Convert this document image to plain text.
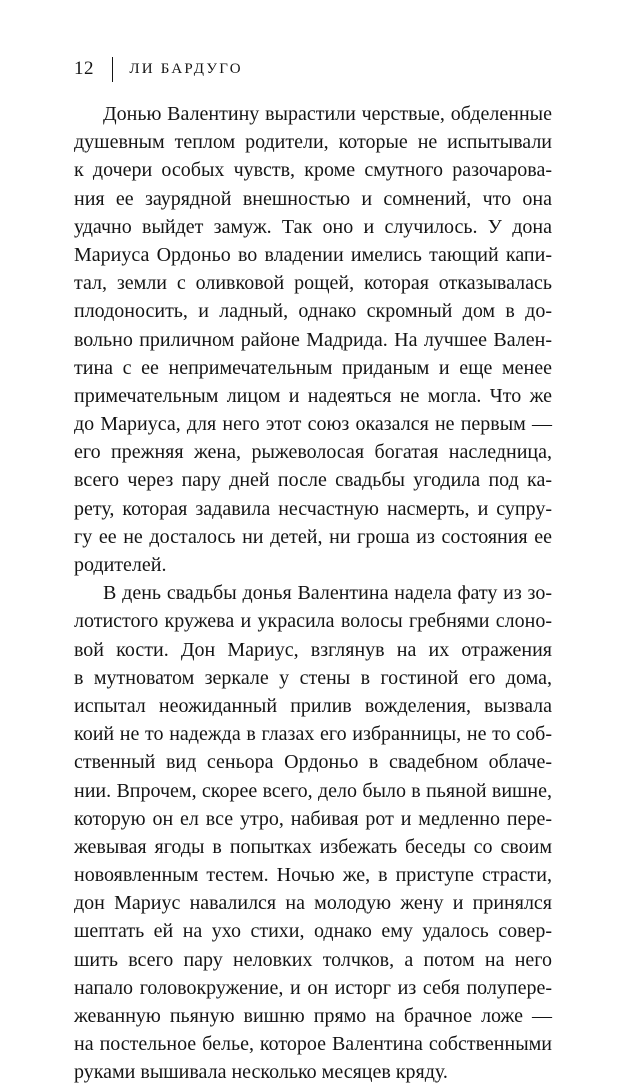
12 ЛИ БАРДУГО
Донью Валентину вырастили черствые, обделенные
душевным теплом родители, которые не испытывали
к дочери особых чувств, кроме смутного разочарова-
ния ее заурядной внешностью и сомнений, что она
удачно выйдет замуж. Так оно и случилось. У дона
Мариуса Ордоньо во владении имелись тающий капи-
тал, земли с оливковой рощей, которая отказывалась
плодоносить, и ладный, однако скромный дом в до-
вольно приличном районе Мадрида. На лучшее Вален-
тина с ее непримечательным приданым и еще менее
примечательным лицом и надеяться не могла. Что же
до Мариуса, для него этот союз оказался не первым —
его прежняя жена, рыжеволосая богатая наследница,
всего через пару дней после свадьбы угодила под ка-
рету, которая задавила несчастную насмерть, и супру-
гу ее не досталось ни детей, ни гроша из состояния ее
родителей.
В день свадьбы донья Валентина надела фату из зо-
лотистого кружева и украсила волосы гребнями слоно-
вой кости. Дон Мариус, взглянув на их отражения
в мутноватом зеркале у стены в гостиной его дома,
испытал неожиданный прилив вожделения, вызвала
коий не то надежда в глазах его избранницы, не то соб-
ственный вид сеньора Ордоньо в свадебном облаче-
нии. Впрочем, скорее всего, дело было в пьяной вишне,
которую он ел все утро, набивая рот и медленно пере-
жевывая ягоды в попытках избежать беседы со своим
новоявленным тестем. Ночью же, в приступе страсти,
дон Мариус навалился на молодую жену и принялся
шептать ей на ухо стихи, однако ему удалось совер-
шить всего пару неловких толчков, а потом на него
напало головокружение, и он исторг из себя полупере-
жеванную пьяную вишню прямо на брачное ложе —
на постельное белье, которое Валентина собственными
руками вышивала несколько месяцев кряду.
